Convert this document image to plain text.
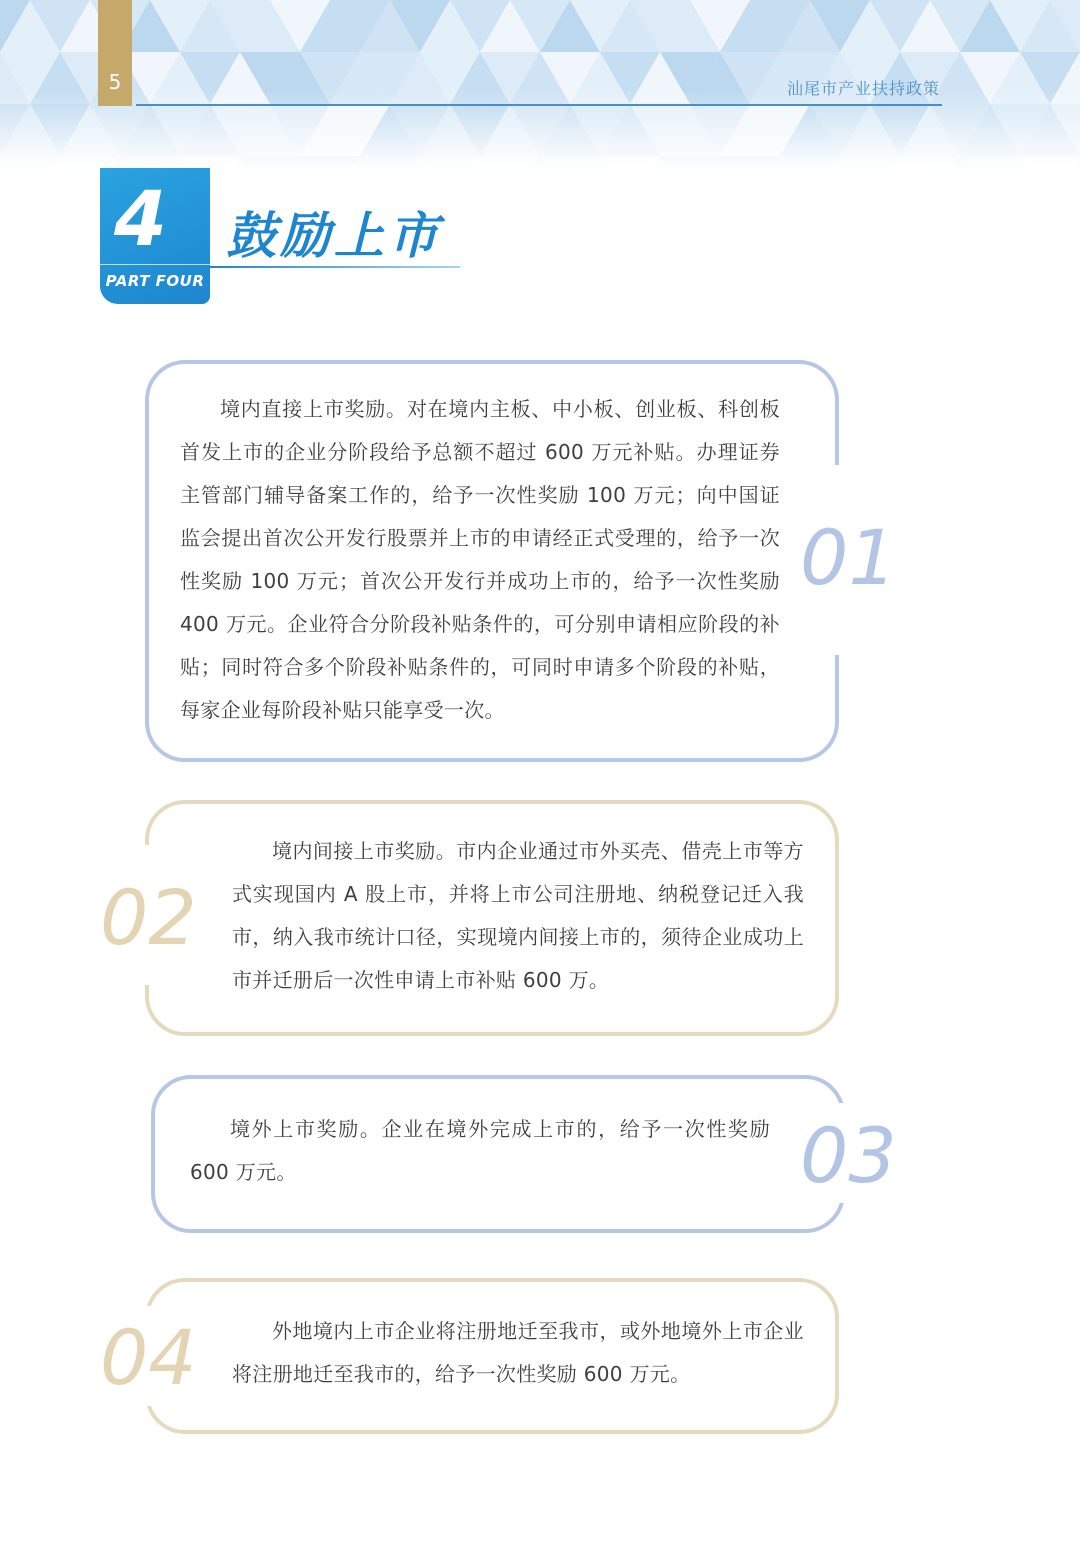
5	汕尾市产业扶持政策
4
PART FOUR
鼓励上市
01
境内直接上市奖励。对在境内主板、中小板、创业板、科创板首发上市的企业分阶段给予总额不超过 600 万元补贴。办理证券主管部门辅导备案工作的，给予一次性奖励 100 万元；向中国证监会提出首次公开发行股票并上市的申请经正式受理的，给予一次性奖励 100 万元；首次公开发行并成功上市的，给予一次性奖励 400 万元。企业符合分阶段补贴条件的，可分别申请相应阶段的补贴；同时符合多个阶段补贴条件的，可同时申请多个阶段的补贴，每家企业每阶段补贴只能享受一次。
02
境内间接上市奖励。市内企业通过市外买壳、借壳上市等方式实现国内 A 股上市，并将上市公司注册地、纳税登记迁入我市，纳入我市统计口径，实现境内间接上市的，须待企业成功上市并迁册后一次性申请上市补贴 600 万。
03
境外上市奖励。企业在境外完成上市的，给予一次性奖励 600 万元。
04	外地境内上市企业将注册地迁至我市，或外地境外上市企业将注册地迁至我市的，给予一次性奖励 600 万元。
